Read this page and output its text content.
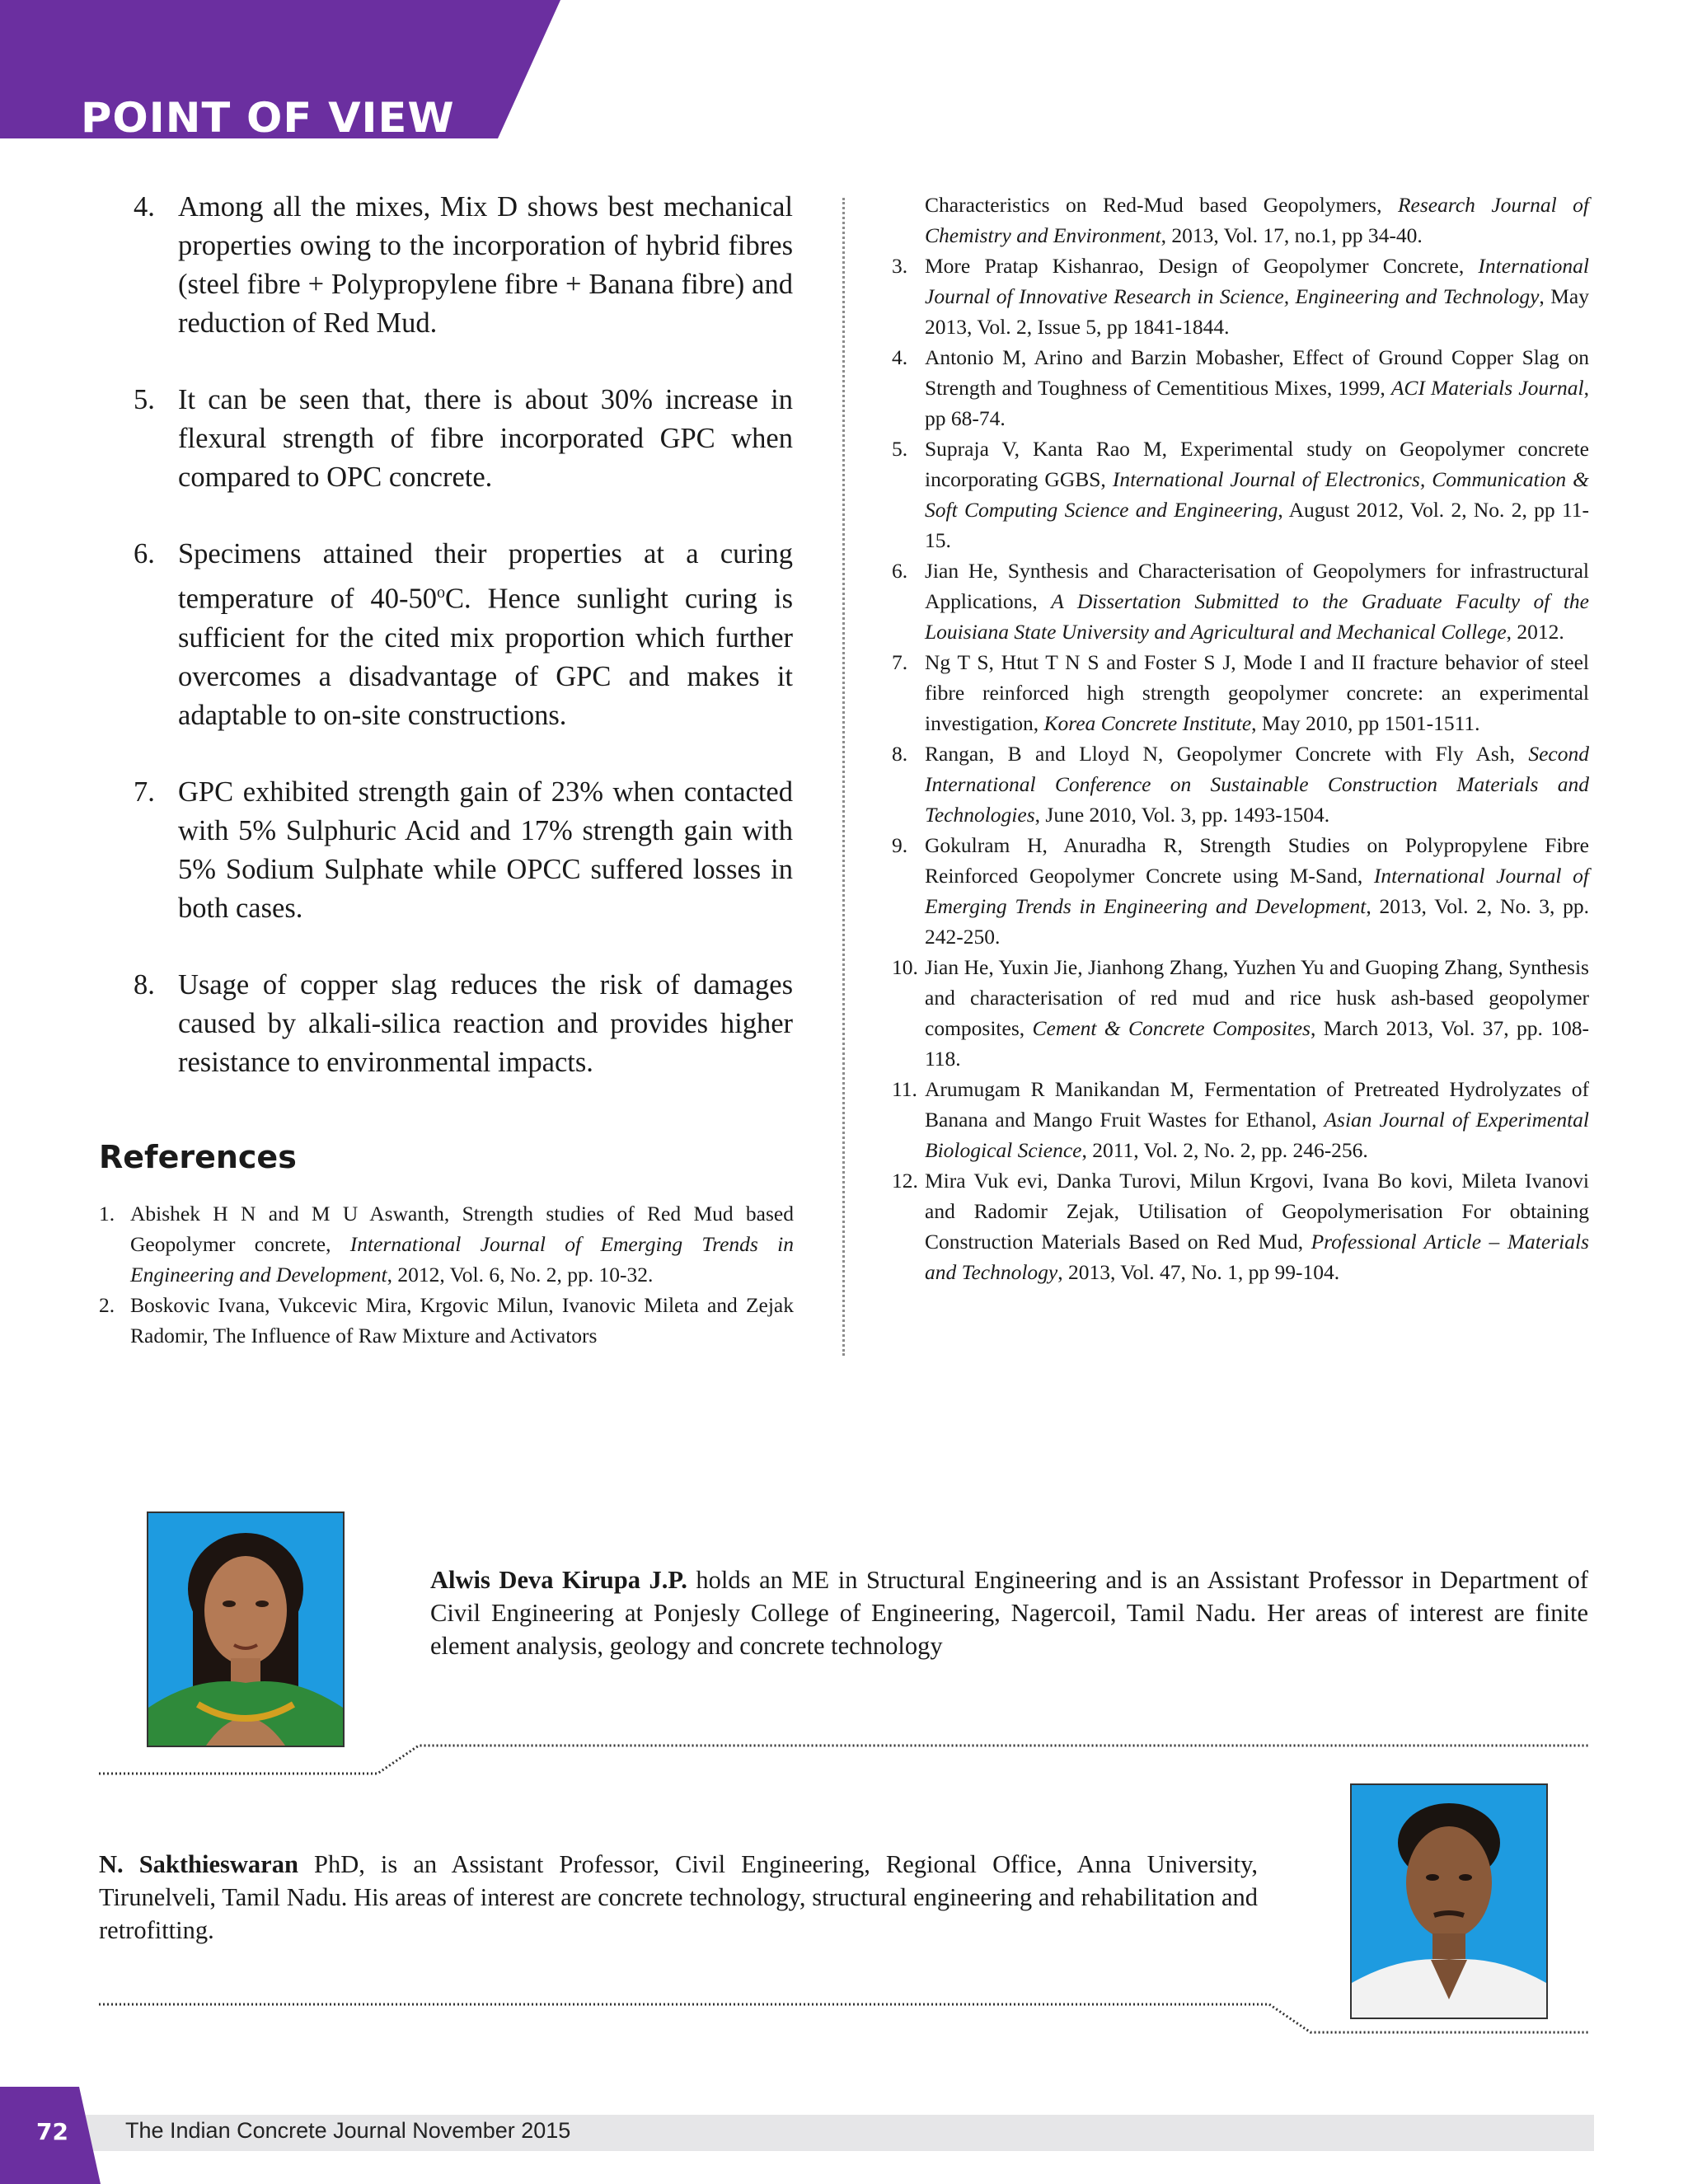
POINT OF VIEW
4. Among all the mixes, Mix D shows best mechanical properties owing to the incorporation of hybrid fibres (steel fibre + Polypropylene fibre + Banana fibre) and reduction of Red Mud.
5. It can be seen that, there is about 30% increase in flexural strength of fibre incorporated GPC when compared to OPC concrete.
6. Specimens attained their properties at a curing temperature of 40-50$^o$C. Hence sunlight curing is sufficient for the cited mix proportion which further overcomes a disadvantage of GPC and makes it adaptable to on-site constructions.
7. GPC exhibited strength gain of 23% when contacted with 5% Sulphuric Acid and 17% strength gain with 5% Sodium Sulphate while OPCC suffered losses in both cases.
8. Usage of copper slag reduces the risk of damages caused by alkali-silica reaction and provides higher resistance to environmental impacts.
References
1. Abishek H N and M U Aswanth, Strength studies of Red Mud based Geopolymer concrete, International Journal of Emerging Trends in Engineering and Development, 2012, Vol. 6, No. 2, pp. 10-32.
2. Boskovic Ivana, Vukcevic Mira, Krgovic Milun, Ivanovic Mileta and Zejak Radomir, The Influence of Raw Mixture and Activators
Characteristics on Red-Mud based Geopolymers, Research Journal of Chemistry and Environment, 2013, Vol. 17, no.1, pp 34-40.
3. More Pratap Kishanrao, Design of Geopolymer Concrete, International Journal of Innovative Research in Science, Engineering and Technology, May 2013, Vol. 2, Issue 5, pp 1841-1844.
4. Antonio M, Arino and Barzin Mobasher, Effect of Ground Copper Slag on Strength and Toughness of Cementitious Mixes, 1999, ACI Materials Journal, pp 68-74.
5. Supraja V, Kanta Rao M, Experimental study on Geopolymer concrete incorporating GGBS, International Journal of Electronics, Communication & Soft Computing Science and Engineering, August 2012, Vol. 2, No. 2, pp 11-15.
6. Jian He, Synthesis and Characterisation of Geopolymers for infrastructural Applications, A Dissertation Submitted to the Graduate Faculty of the Louisiana State University and Agricultural and Mechanical College, 2012.
7. Ng T S, Htut T N S and Foster S J, Mode I and II fracture behavior of steel fibre reinforced high strength geopolymer concrete: an experimental investigation, Korea Concrete Institute, May 2010, pp 1501-1511.
8. Rangan, B and Lloyd N, Geopolymer Concrete with Fly Ash, Second International Conference on Sustainable Construction Materials and Technologies, June 2010, Vol. 3, pp. 1493-1504.
9. Gokulram H, Anuradha R, Strength Studies on Polypropylene Fibre Reinforced Geopolymer Concrete using M-Sand, International Journal of Emerging Trends in Engineering and Development, 2013, Vol. 2, No. 3, pp. 242-250.
10. Jian He, Yuxin Jie, Jianhong Zhang, Yuzhen Yu and Guoping Zhang, Synthesis and characterisation of red mud and rice husk ash-based geopolymer composites, Cement & Concrete Composites, March 2013, Vol. 37, pp. 108-118.
11. Arumugam R Manikandan M, Fermentation of Pretreated Hydrolyzates of Banana and Mango Fruit Wastes for Ethanol, Asian Journal of Experimental Biological Science, 2011, Vol. 2, No. 2, pp. 246-256.
12. Mira Vuk evi, Danka Turovi, Milun Krgovi, Ivana Bo kovi, Mileta Ivanovi and Radomir Zejak, Utilisation of Geopolymerisation For obtaining Construction Materials Based on Red Mud, Professional Article – Materials and Technology, 2013, Vol. 47, No. 1, pp 99-104.
Alwis Deva Kirupa J.P. holds an ME in Structural Engineering and is an Assistant Professor in Department of Civil Engineering at Ponjesly College of Engineering, Nagercoil, Tamil Nadu. Her areas of interest are finite element analysis, geology and concrete technology
N. Sakthieswaran PhD, is an Assistant Professor, Civil Engineering, Regional Office, Anna University, Tirunelveli, Tamil Nadu. His areas of interest are concrete technology, structural engineering and rehabilitation and retrofitting.
72	The Indian Concrete Journal November 2015
